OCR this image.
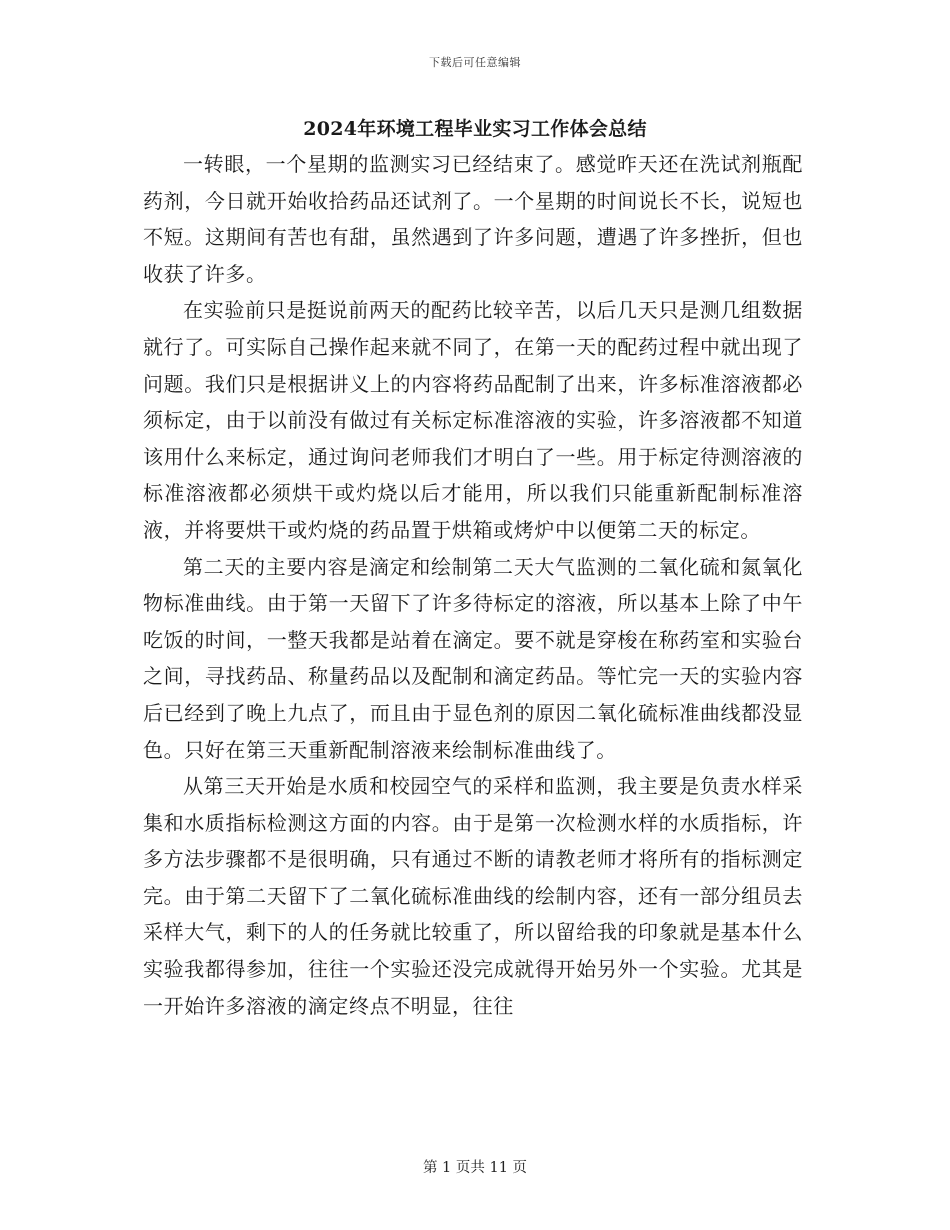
下载后可任意编辑
2024年环境工程毕业实习工作体会总结

一转眼，一个星期的监测实习已经结束了。感觉昨天还在洗试剂瓶配药剂，今日就开始收拾药品还试剂了。一个星期的时间说长不长，说短也不短。这期间有苦也有甜，虽然遇到了许多问题，遭遇了许多挫折，但也收获了许多。

在实验前只是挺说前两天的配药比较辛苦，以后几天只是测几组数据就行了。可实际自己操作起来就不同了，在第一天的配药过程中就出现了问题。我们只是根据讲义上的内容将药品配制了出来，许多标准溶液都必须标定，由于以前没有做过有关标定标准溶液的实验，许多溶液都不知道该用什么来标定，通过询问老师我们才明白了一些。用于标定待测溶液的标准溶液都必须烘干或灼烧以后才能用，所以我们只能重新配制标准溶液，并将要烘干或灼烧的药品置于烘箱或烤炉中以便第二天的标定。

第二天的主要内容是滴定和绘制第二天大气监测的二氧化硫和氮氧化物标准曲线。由于第一天留下了许多待标定的溶液，所以基本上除了中午吃饭的时间，一整天我都是站着在滴定。要不就是穿梭在称药室和实验台之间，寻找药品、称量药品以及配制和滴定药品。等忙完一天的实验内容后已经到了晚上九点了，而且由于显色剂的原因二氧化硫标准曲线都没显色。只好在第三天重新配制溶液来绘制标准曲线了。

从第三天开始是水质和校园空气的采样和监测，我主要是负责水样采集和水质指标检测这方面的内容。由于是第一次检测水样的水质指标，许多方法步骤都不是很明确，只有通过不断的请教老师才将所有的指标测定完。由于第二天留下了二氧化硫标准曲线的绘制内容，还有一部分组员去采样大气，剩下的人的任务就比较重了，所以留给我的印象就是基本什么实验我都得参加，往往一个实验还没完成就得开始另外一个实验。尤其是一开始许多溶液的滴定终点不明显，往往

第 1 页共 11 页
